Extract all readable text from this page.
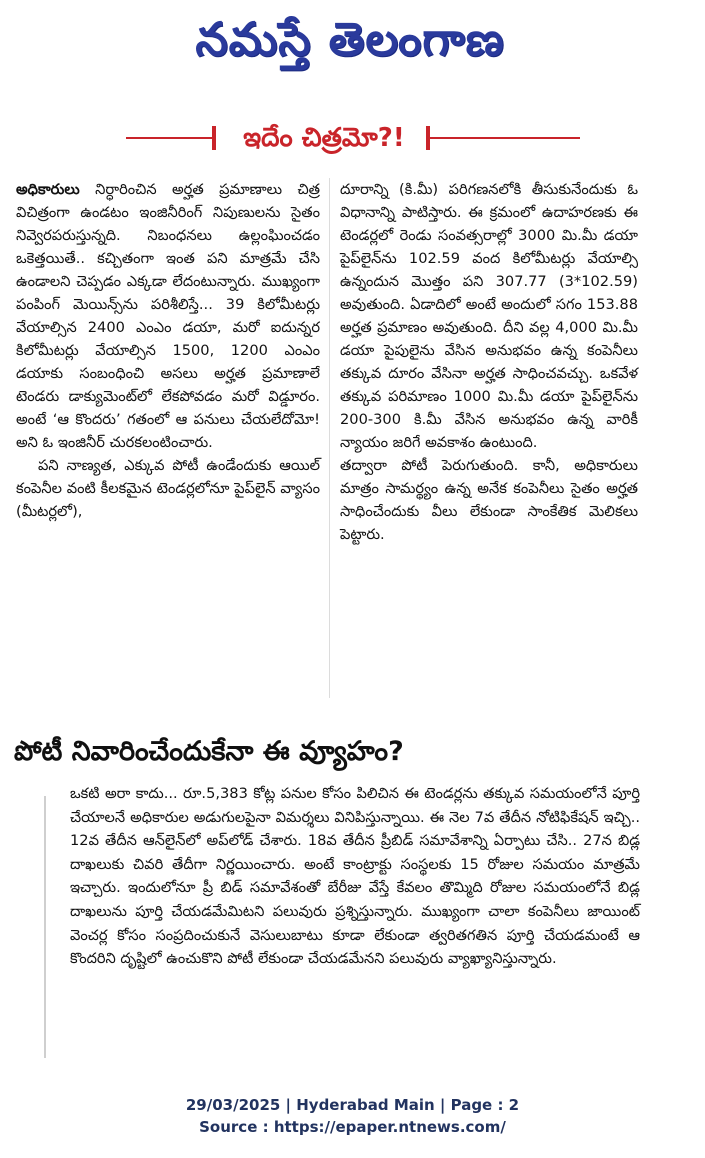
నమస్తే తెలంగాణ
ఇదేం చిత్రమో?!

అధికారులు నిర్ధారించిన అర్హత ప్రమాణాలు చిత్ర విచిత్రంగా ఉండటం ఇంజినీరింగ్ నిపుణులను సైతం నివ్వెరపరుస్తున్నది. నిబంధనలు ఉల్లంఘించడం ఒకెత్తయితే.. కచ్చితంగా ఇంత పని మాత్రమే చేసి ఉండాలని చెప్పడం ఎక్కడా లేదంటున్నారు. ముఖ్యంగా పంపింగ్ మెయిన్స్‌ను పరిశీలిస్తే... 39 కిలోమీటర్లు వేయాల్సిన 2400 ఎంఎం డయా, మరో ఐదున్నర కిలోమీటర్లు వేయాల్సిన 1500, 1200 ఎంఎం డయాకు సంబంధించి అసలు అర్హత ప్రమాణాలే టెండరు డాక్యుమెంట్‌లో లేకపోవడం మరో విడ్డూరం. అంటే ‘ఆ కొందరు’ గతంలో ఆ పనులు చేయలేదోమో! అని ఓ ఇంజినీర్ చురకలంటించారు.

పని నాణ్యత, ఎక్కువ పోటీ ఉండేందుకు ఆయిల్ కంపెనీల వంటి కీలకమైన టెండర్లలోనూ పైప్‌లైన్ వ్యాసం (మీటర్లలో),

దూరాన్ని (కి.మీ) పరిగణనలోకి తీసుకునేందుకు ఓ విధానాన్ని పాటిస్తారు. ఈ క్రమంలో ఉదాహరణకు ఈ టెండర్లలో రెండు సంవత్సరాల్లో 3000 మి.మీ డయా పైప్‌లైన్‌ను 102.59 వంద కిలోమీటర్లు వేయాల్సి ఉన్నందున మొత్తం పని 307.77 (3*102.59) అవుతుంది. ఏడాదిలో అంటే అందులో సగం 153.88 అర్హత ప్రమాణం అవుతుంది. దీని వల్ల 4,000 మి.మీ డయా పైపులైను వేసిన అనుభవం ఉన్న కంపెనీలు తక్కువ దూరం వేసినా అర్హత సాధించవచ్చు. ఒకవేళ తక్కువ పరిమాణం 1000 మి.మీ డయా పైప్‌లైన్‌ను 200-300 కి.మీ వేసిన అనుభవం ఉన్న వారికీ న్యాయం జరిగే అవకాశం ఉంటుంది.

తద్వారా పోటీ పెరుగుతుంది. కానీ, అధికారులు మాత్రం సామర్థ్యం ఉన్న అనేక కంపెనీలు సైతం అర్హత సాధించేందుకు వీలు లేకుండా సాంకేతిక మెలికలు పెట్టారు.

పోటీ నివారించేందుకేనా ఈ వ్యూహం?
ఒకటి అరా కాదు... రూ.5,383 కోట్ల పనుల కోసం పిలిచిన ఈ టెండర్లను తక్కువ సమయంలోనే పూర్తి చేయాలనే అధికారుల అడుగులపైనా విమర్శలు వినిపిస్తున్నాయి. ఈ నెల 7వ తేదీన నోటిఫికేషన్ ఇచ్చి.. 12వ తేదీన ఆన్‌లైన్‌లో అప్‌లోడ్ చేశారు. 18వ తేదీన ప్రీబిడ్ సమావేశాన్ని ఏర్పాటు చేసి.. 27న బిడ్ల దాఖలుకు చివరి తేదీగా నిర్ణయించారు. అంటే కాంట్రాక్టు సంస్థలకు 15 రోజుల సమయం మాత్రమే ఇచ్చారు. ఇందులోనూ ప్రీ బిడ్ సమావేశంతో బేరీజు వేస్తే కేవలం తొమ్మిది రోజుల సమయంలోనే బిడ్ల దాఖలును పూర్తి చేయడమేమిటని పలువురు ప్రశ్నిస్తున్నారు. ముఖ్యంగా చాలా కంపెనీలు జాయింట్ వెంచర్ల కోసం సంప్రదించుకునే వెసులుబాటు కూడా లేకుండా త్వరితగతిన పూర్తి చేయడమంటే ఆ కొందరిని దృష్టిలో ఉంచుకొని పోటీ లేకుండా చేయడమేనని పలువురు వ్యాఖ్యానిస్తున్నారు.
29/03/2025 | Hyderabad Main | Page : 2
Source : https://epaper.ntnews.com/
